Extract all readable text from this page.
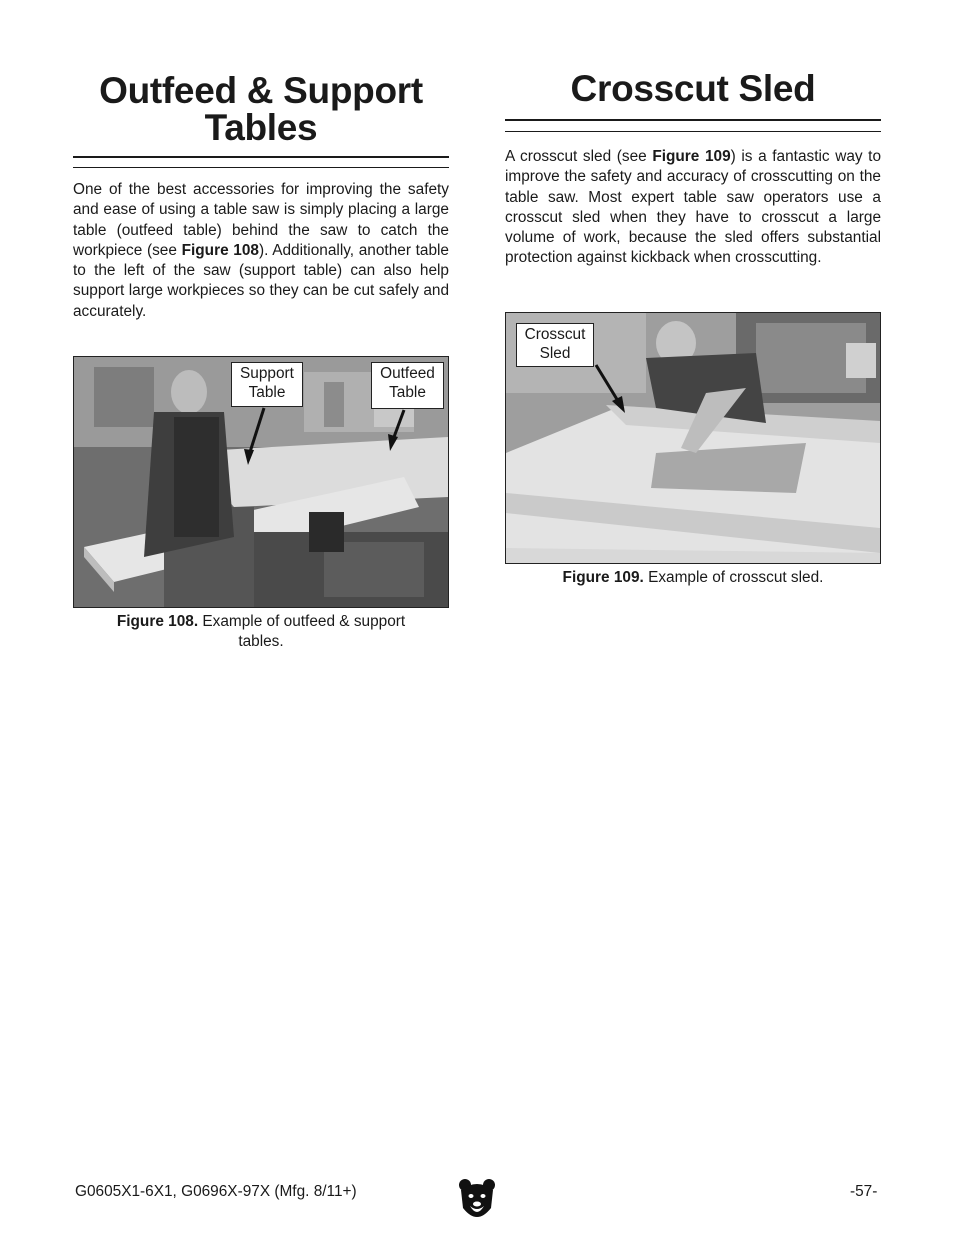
Outfeed & Support
Tables

One of the best accessories for improving the safety and ease of using a table saw is simply placing a large table (outfeed table) behind the saw to catch the workpiece (see Figure 108). Additionally, another table to the left of the saw (support table) can also help support large workpieces so they can be cut safely and accurately.

Support
Table
Outfeed
Table
Figure 108. Example of outfeed & support
tables.
Crosscut Sled

A crosscut sled (see Figure 109) is a fantastic way to improve the safety and accuracy of crosscutting on the table saw. Most expert table saw operators use a crosscut sled when they have to crosscut a large volume of work, because the sled offers substantial protection against kickback when crosscutting.

Crosscut
Sled
Figure 109. Example of crosscut sled.
G0605X1-6X1, G0696X-97X (Mfg. 8/11+)	-57-
